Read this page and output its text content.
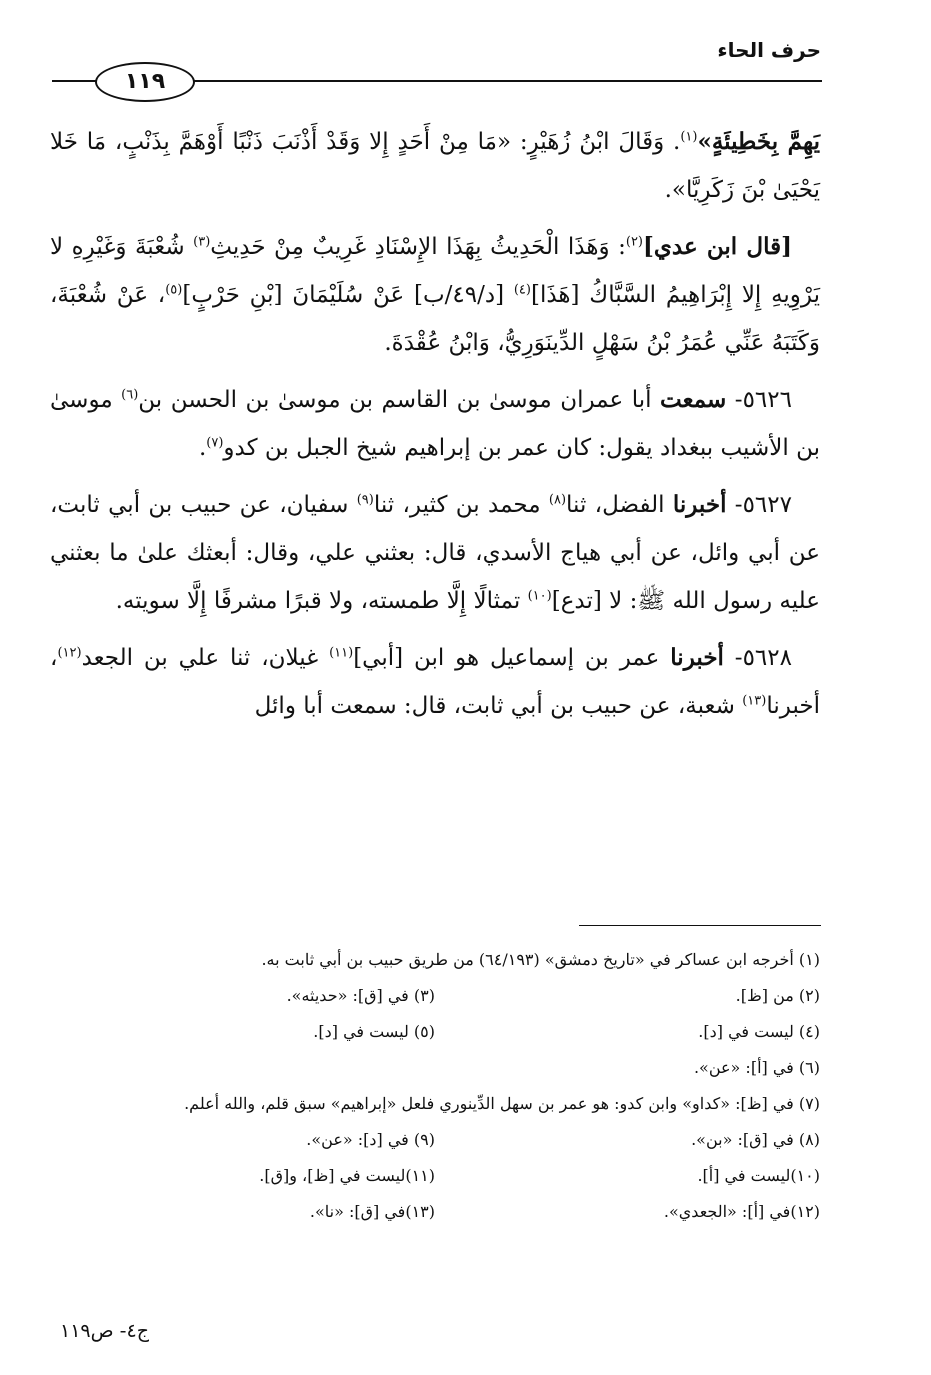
حرف الحاء
١١٩

يَهِمَّ بِخَطِيئَةٍ»$^{(١)}$. وَقَالَ ابْنُ زُهَيْرٍ: «مَا مِنْ أَحَدٍ إِلا وَقَدْ أَذْنَبَ ذَنْبًا أَوْهَمَّ بِذَنْبٍ، مَا خَلا يَحْيَىٰ بْنَ زَكَرِيَّا».

[قال ابن عدي]$^{(٢)}$: وَهَذَا الْحَدِيثُ بِهَذَا الإِسْنَادِ غَرِيبٌ مِنْ حَدِيثِ$^{(٣)}$ شُعْبَةَ وَغَيْرِهِ لا يَرْوِيهِ إِلا إِبْرَاهِيمُ السَّبَّاكُ [هَذَا]$^{(٤)}$ [د/٤٩/ب] عَنْ سُلَيْمَانَ [بْنِ حَرْبٍ]$^{(٥)}$، عَنْ شُعْبَةَ، وَكَتَبَهُ عَنِّي عُمَرُ بْنُ سَهْلٍ الدِّينَوَرِيُّ، وَابْنُ عُقْدَةَ.

٥٦٢٦- سمعت أبا عمران موسىٰ بن القاسم بن موسىٰ بن الحسن بن$^{(٦)}$ موسىٰ بن الأشيب ببغداد يقول: كان عمر بن إبراهيم شيخ الجبل بن كدو$^{(٧)}$.

٥٦٢٧- أخبرنا الفضل، ثنا$^{(٨)}$ محمد بن كثير، ثنا$^{(٩)}$ سفيان، عن حبيب بن أبي ثابت، عن أبي وائل، عن أبي هياج الأسدي، قال: بعثني علي، وقال: أبعثك علىٰ ما بعثني عليه رسول الله ﷺ: لا [تدع]$^{(١٠)}$ تمثالًا إِلَّا طمسته، ولا قبرًا مشرفًا إِلَّا سويته.

٥٦٢٨- أخبرنا عمر بن إسماعيل هو ابن [أبي]$^{(١١)}$ غيلان، ثنا علي بن الجعد$^{(١٢)}$، أخبرنا$^{(١٣)}$ شعبة، عن حبيب بن أبي ثابت، قال: سمعت أبا وائل

(١) أخرجه ابن عساكر في «تاريخ دمشق» (٦٤/١٩٣) من طريق حبيب بن أبي ثابت به.
(٢) من [ظ].
(٣) في [ق]: «حديثه».
(٤) ليست في [د].
(٥) ليست في [د].
(٦) في [أ]: «عن».
(٧) في [ظ]: «كداو» وابن كدو: هو عمر بن سهل الدِّينوري فلعل «إبراهيم» سبق قلم، والله أعلم.
(٨) في [ق]: «بن».
(٩) في [د]: «عن».
(١٠)ليست في [أ].
(١١)ليست في [ظ]، و[ق].
(١٢)في [أ]: «الجعدي».
(١٣)في [ق]: «نا».
ج٤- ص١١٩
